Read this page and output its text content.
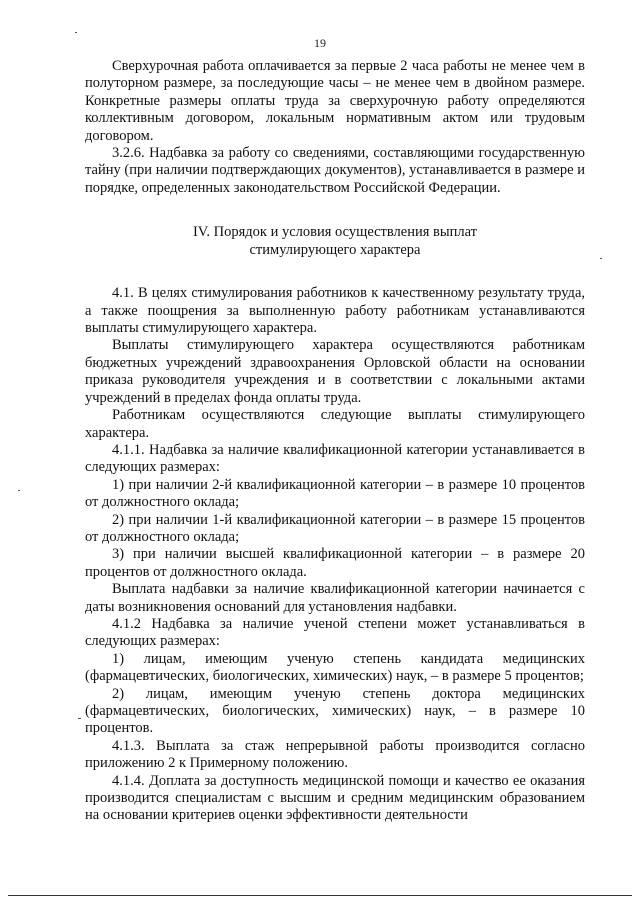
19

Сверхурочная работа оплачивается за первые 2 часа работы не менее чем в полуторном размере, за последующие часы – не менее чем в двойном размере. Конкретные размеры оплаты труда за сверхурочную работу определяются коллективным договором, локальным нормативным актом или трудовым договором.

3.2.6. Надбавка за работу со сведениями, составляющими государственную тайну (при наличии подтверждающих документов), устанавливается в размере и порядке, определенных законодательством Российской Федерации.

IV. Порядок и условия осуществления выплат
стимулирующего характера

4.1. В целях стимулирования работников к качественному результату труда, а также поощрения за выполненную работу работникам устанавливаются выплаты стимулирующего характера.

Выплаты стимулирующего характера осуществляются работникам бюджетных учреждений здравоохранения Орловской области на основании приказа руководителя учреждения и в соответствии с локальными актами учреждений в пределах фонда оплаты труда.

Работникам осуществляются следующие выплаты стимулирующего характера.

4.1.1. Надбавка за наличие квалификационной категории устанавливается в следующих размерах:

1) при наличии 2-й квалификационной категории – в размере 10 процентов от должностного оклада;

2) при наличии 1-й квалификационной категории – в размере 15 процентов от должностного оклада;

3) при наличии высшей квалификационной категории – в размере 20 процентов от должностного оклада.

Выплата надбавки за наличие квалификационной категории начинается с даты возникновения оснований для установления надбавки.

4.1.2 Надбавка за наличие ученой степени может устанавливаться в следующих размерах:

1) лицам, имеющим ученую степень кандидата медицинских (фармацевтических, биологических, химических) наук, – в размере 5 процентов;

2) лицам, имеющим ученую степень доктора медицинских (фармацевтических, биологических, химических) наук, – в размере 10 процентов.

4.1.3. Выплата за стаж непрерывной работы производится согласно приложению 2 к Примерному положению.

4.1.4. Доплата за доступность медицинской помощи и качество ее оказания производится специалистам с высшим и средним медицинским образованием на основании критериев оценки эффективности деятельности
